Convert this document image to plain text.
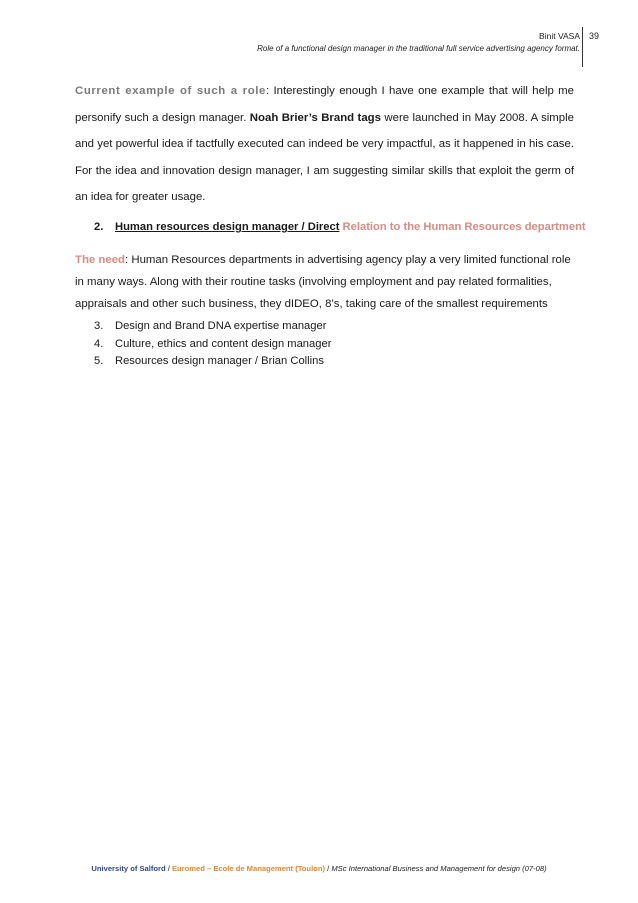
Binit VASA
Role of a functional design manager in the traditional full service advertising agency format.
39

Current example of such a role: Interestingly enough I have one example that will help me personify such a design manager. Noah Brier’s Brand tags were launched in May 2008. A simple and yet powerful idea if tactfully executed can indeed be very impactful, as it happened in his case. For the idea and innovation design manager, I am suggesting similar skills that exploit the germ of an idea for greater usage.

2. Human resources design manager / Direct Relation to the Human Resources department

The need: Human Resources departments in advertising agency play a very limited functional role in many ways. Along with their routine tasks (involving employment and pay related formalities, appraisals and other such business, they dIDEO, 8’s, taking care of the smallest requirements

3. Design and Brand DNA expertise manager
4. Culture, ethics and content design manager
5. Resources design manager / Brian Collins
University of Salford / Euromed – Ecole de Management (Toulon) / MSc International Business and Management for design (07-08)
